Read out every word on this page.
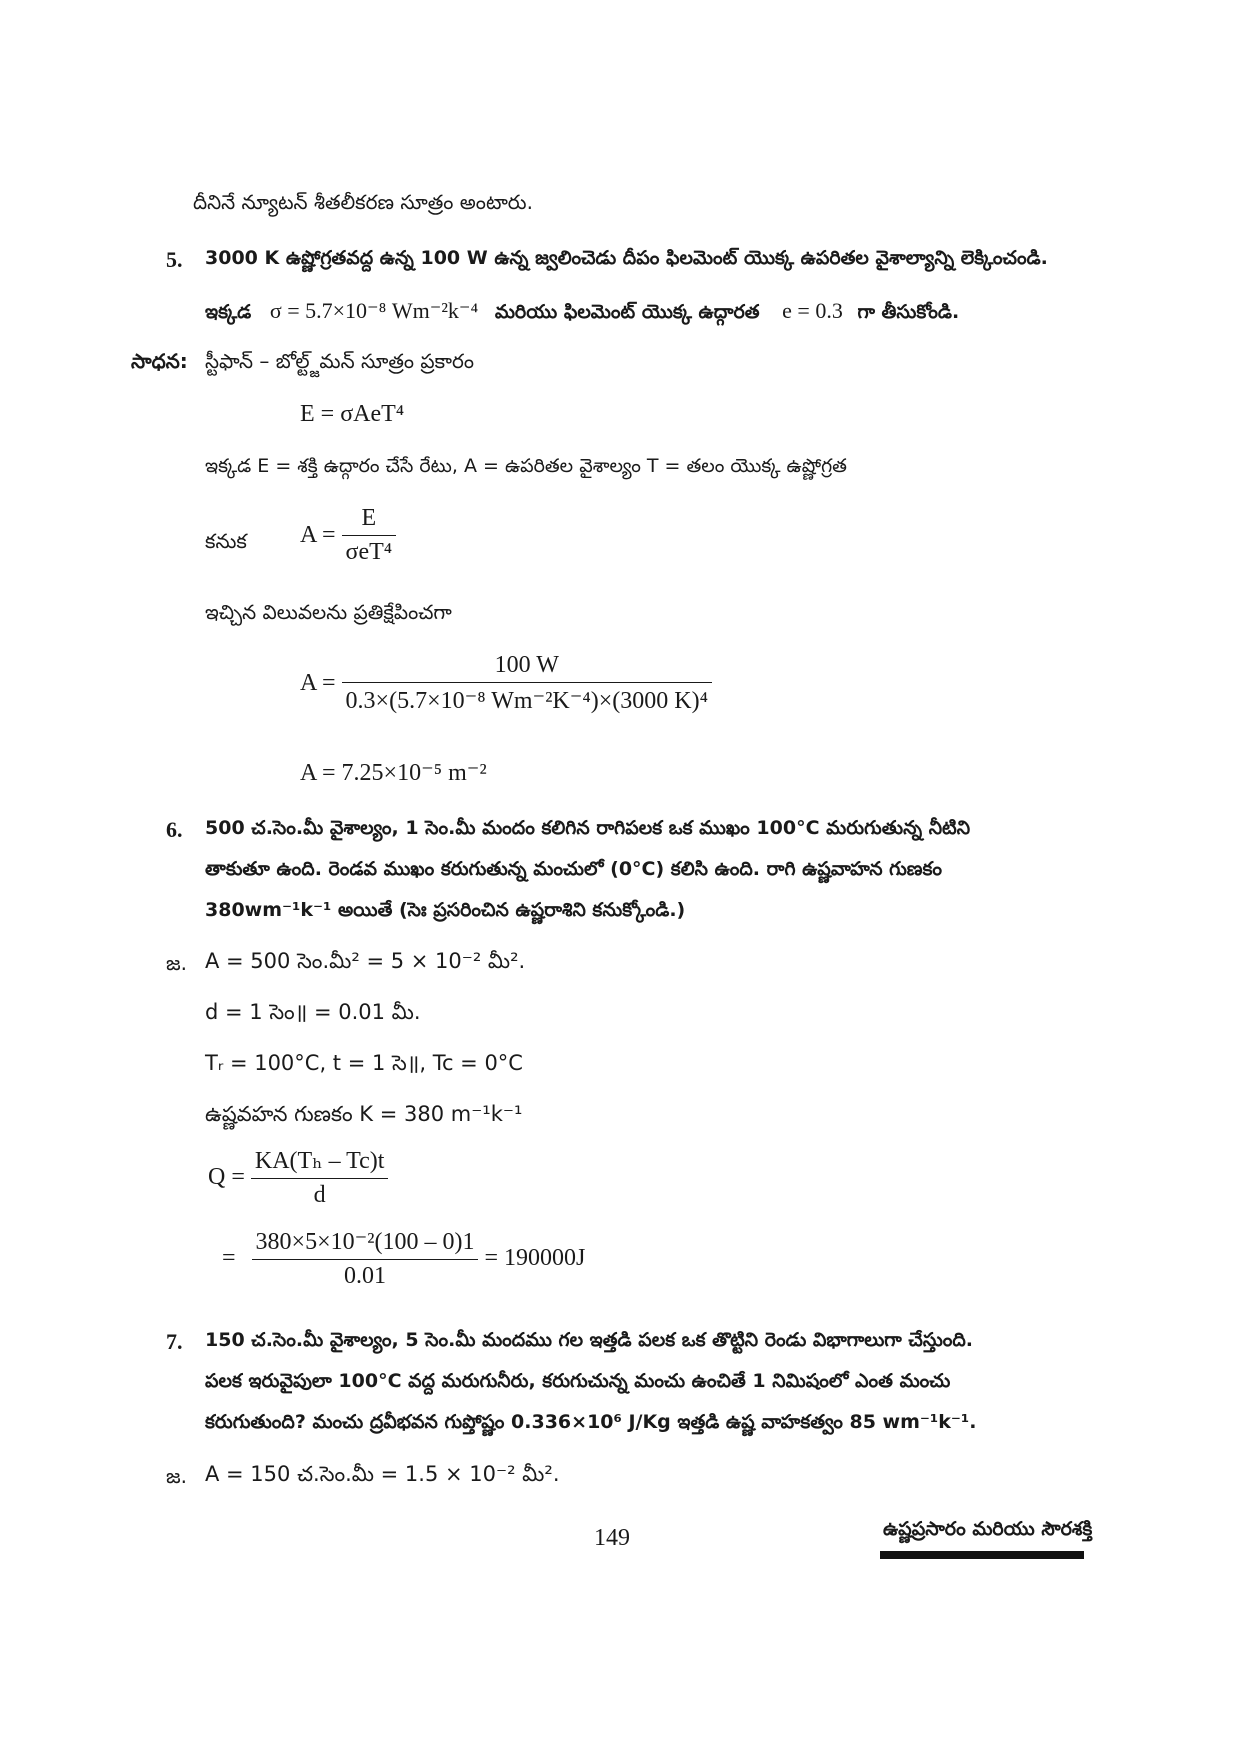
దీనినే న్యూటన్ శీతలీకరణ సూత్రం అంటారు.
5. 3000 K ఉష్ణోగ్రతవద్ద ఉన్న 100 W ఉన్న జ్వలించెడు దీపం ఫిలమెంట్ యొక్క ఉపరితల వైశాల్యాన్ని లెక్కించండి.
ఇక్కడ σ = 5.7×10⁻⁸ Wm⁻²k⁻⁴ మరియు ఫిలమెంట్ యొక్క ఉద్గారత e = 0.3 గా తీసుకోండి.
సాధన: స్టీఫాన్ – బోల్ట్జ్‌మన్ సూత్రం ప్రకారం
E = σAeT⁴
ఇక్కడ E = శక్తి ఉద్గారం చేసే రేటు, A = ఉపరితల వైశాల్యం T = తలం యొక్క ఉష్ణోగ్రత
కనుక $A = \frac{E}{\text{σeT⁴}}$
ఇచ్చిన విలువలను ప్రతిక్షేపించగా
$A = \frac{100 W}{\text{0.3×(5.7×10⁻⁸ Wm⁻²K⁻⁴)×(3000 K)⁴}}$
A = 7.25×10⁻⁵ m⁻²
6. 500 చ.సెం.మీ వైశాల్యం, 1 సెం.మీ మందం కలిగిన రాగిపలక ఒక ముఖం 100°C మరుగుతున్న నీటిని
తాకుతూ ఉంది. రెండవ ముఖం కరుగుతున్న మంచులో (0°C) కలిసి ఉంది. రాగి ఉష్ణవాహన గుణకం
380wm⁻¹k⁻¹ అయితే (సెః ప్రసరించిన ఉష్ణరాశిని కనుక్కోండి.)
జ. A = 500 సెం.మీ² = 5 × 10⁻² మీ².
d = 1 సెం॥ = 0.01 మీ.
Tᵣ = 100°C, t = 1 సె॥, Tc = 0°C
ఉష్ణవహన గుణకం K = 380 m⁻¹k⁻¹
$Q = \frac{\text{KA(Tₕ – Tc)t}}{d}$
= $\frac{\text{380×5×10⁻²(100 – 0)1}}{0.01} = 190000J$
7. 150 చ.సెం.మీ వైశాల్యం, 5 సెం.మీ మందము గల ఇత్తడి పలక ఒక తొట్టిని రెండు విభాగాలుగా చేస్తుంది.
పలక ఇరువైపులా 100°C వద్ద మరుగునీరు, కరుగుచున్న మంచు ఉంచితే 1 నిమిషంలో ఎంత మంచు
కరుగుతుంది? మంచు ద్రవీభవన గుప్తోష్ణం 0.336×10⁶ J/Kg ఇత్తడి ఉష్ణ వాహకత్వం 85 wm⁻¹k⁻¹.
జ. A = 150 చ.సెం.మీ = 1.5 × 10⁻² మీ².
149	ఉష్ణప్రసారం మరియు సౌరశక్తి
